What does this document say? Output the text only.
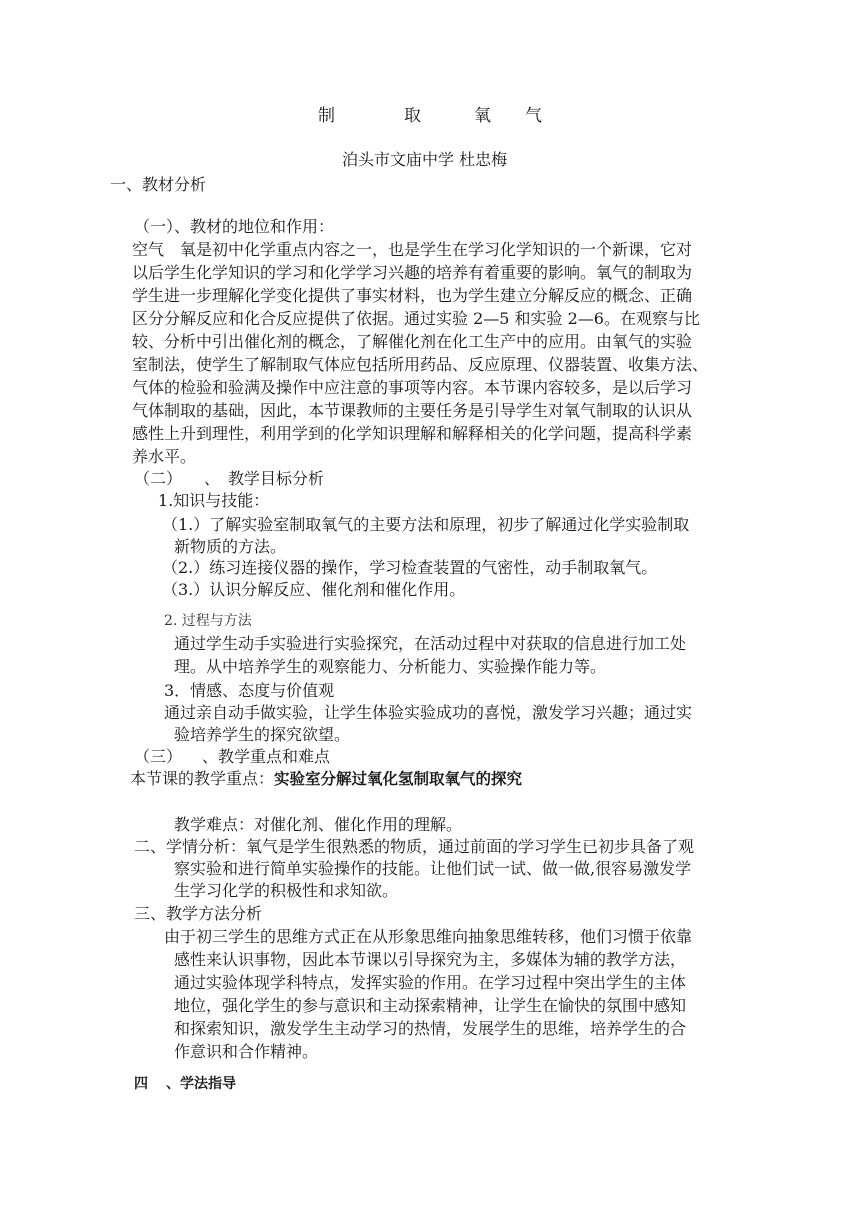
制	取	氧 气
泊头市文庙中学 杜忠梅
一、教材分析
（一）、教材的地位和作用：
空气　氧是初中化学重点内容之一，也是学生在学习化学知识的一个新课，它对
以后学生化学知识的学习和化学学习兴趣的培养有着重要的影响。氧气的制取为
学生进一步理解化学变化提供了事实材料，也为学生建立分解反应的概念、正确
区分分解反应和化合反应提供了依据。通过实验 2—5 和实验 2—6。在观察与比
较、分析中引出催化剂的概念，了解催化剂在化工生产中的应用。由氧气的实验
室制法，使学生了解制取气体应包括所用药品、反应原理、仪器装置、收集方法、
气体的检验和验满及操作中应注意的事项等内容。本节课内容较多，是以后学习
气体制取的基础，因此，本节课教师的主要任务是引导学生对氧气制取的认识从
感性上升到理性，利用学到的化学知识理解和解释相关的化学问题，提高科学素
养水平。
（二） 、　教学目标分析
1.知识与技能：
（1.）了解实验室制取氧气的主要方法和原理，初步了解通过化学实验制取
新物质的方法。
（2.）练习连接仪器的操作，学习检查装置的气密性，动手制取氧气。
（3.）认识分解反应、催化剂和催化作用。
2. 过程与方法
通过学生动手实验进行实验探究，在活动过程中对获取的信息进行加工处
理。从中培养学生的观察能力、分析能力、实验操作能力等。
3．情感、态度与价值观
通过亲自动手做实验，让学生体验实验成功的喜悦，激发学习兴趣；通过实
验培养学生的探究欲望。
（三） 、教学重点和难点
本节课的教学重点：实验室分解过氧化氢制取氧气的探究
教学难点：对催化剂、催化作用的理解。
二、学情分析：氧气是学生很熟悉的物质，通过前面的学习学生已初步具备了观
察实验和进行简单实验操作的技能。让他们试一试、做一做,很容易激发学
生学习化学的积极性和求知欲。
三、教学方法分析
由于初三学生的思维方式正在从形象思维向抽象思维转移，他们习惯于依靠
感性来认识事物，因此本节课以引导探究为主，多媒体为辅的教学方法，
通过实验体现学科特点，发挥实验的作用。在学习过程中突出学生的主体
地位，强化学生的参与意识和主动探索精神，让学生在愉快的氛围中感知
和探索知识，激发学生主动学习的热情，发展学生的思维，培养学生的合
作意识和合作精神。
四 、学法指导
